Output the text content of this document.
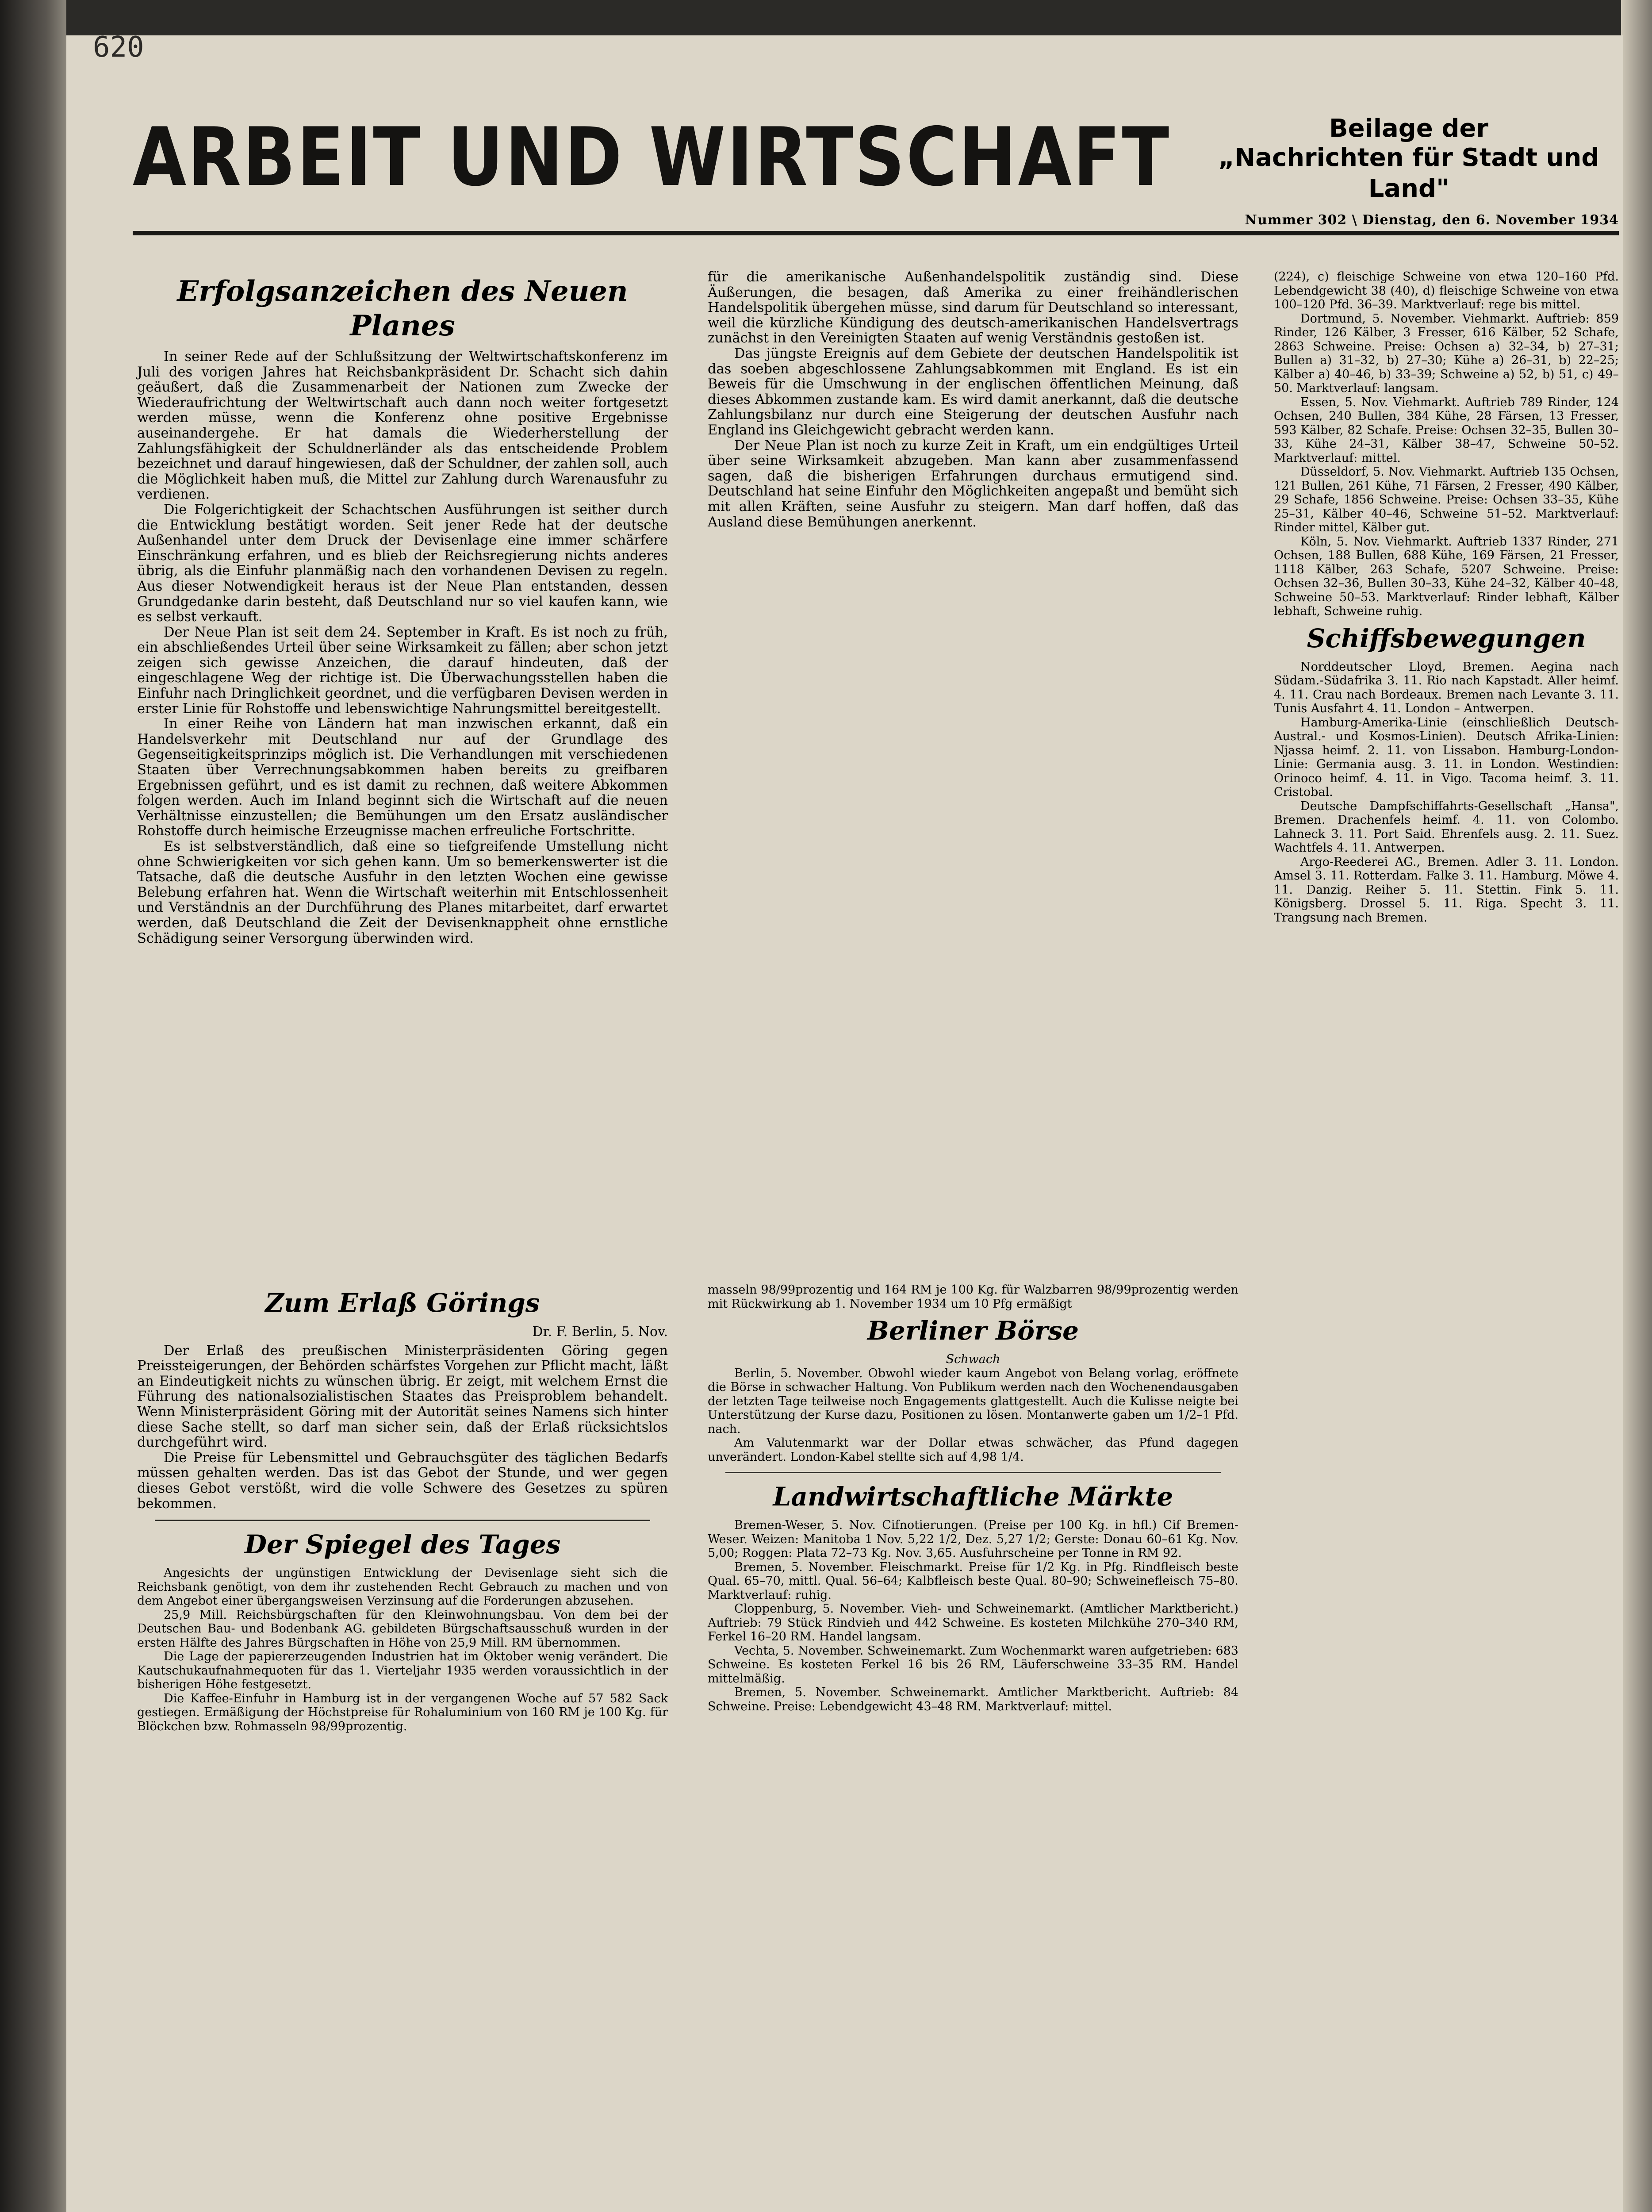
620
ARBEIT UND WIRTSCHAFT	Beilage der
„Nachrichten für Stadt und Land"
Nummer 302 \ Dienstag, den 6. November 1934
Erfolgsanzeichen des Neuen Planes

In seiner Rede auf der Schlußsitzung der Weltwirtschaftskonferenz im Juli des vorigen Jahres hat Reichsbankpräsident Dr. Schacht sich dahin geäußert, daß die Zusammenarbeit der Nationen zum Zwecke der Wiederaufrichtung der Weltwirtschaft auch dann noch weiter fortgesetzt werden müsse, wenn die Konferenz ohne positive Ergebnisse auseinandergehe. Er hat damals die Wiederherstellung der Zahlungsfähigkeit der Schuldnerländer als das entscheidende Problem bezeichnet und darauf hingewiesen, daß der Schuldner, der zahlen soll, auch die Möglichkeit haben muß, die Mittel zur Zahlung durch Warenausfuhr zu verdienen.

Die Folgerichtigkeit der Schachtschen Ausführungen ist seither durch die Entwicklung bestätigt worden. Seit jener Rede hat der deutsche Außenhandel unter dem Druck der Devisenlage eine immer schärfere Einschränkung erfahren, und es blieb der Reichsregierung nichts anderes übrig, als die Einfuhr planmäßig nach den vorhandenen Devisen zu regeln. Aus dieser Notwendigkeit heraus ist der Neue Plan entstanden, dessen Grundgedanke darin besteht, daß Deutschland nur so viel kaufen kann, wie es selbst verkauft.

Der Neue Plan ist seit dem 24. September in Kraft. Es ist noch zu früh, ein abschließendes Urteil über seine Wirksamkeit zu fällen; aber schon jetzt zeigen sich gewisse Anzeichen, die darauf hindeuten, daß der eingeschlagene Weg der richtige ist. Die Überwachungsstellen haben die Einfuhr nach Dringlichkeit geordnet, und die verfügbaren Devisen werden in erster Linie für Rohstoffe und lebenswichtige Nahrungsmittel bereitgestellt.

In einer Reihe von Ländern hat man inzwischen erkannt, daß ein Handelsverkehr mit Deutschland nur auf der Grundlage des Gegenseitigkeitsprinzips möglich ist. Die Verhandlungen mit verschiedenen Staaten über Verrechnungsabkommen haben bereits zu greifbaren Ergebnissen geführt, und es ist damit zu rechnen, daß weitere Abkommen folgen werden. Auch im Inland beginnt sich die Wirtschaft auf die neuen Verhältnisse einzustellen; die Bemühungen um den Ersatz ausländischer Rohstoffe durch heimische Erzeugnisse machen erfreuliche Fortschritte.

Es ist selbstverständlich, daß eine so tiefgreifende Umstellung nicht ohne Schwierigkeiten vor sich gehen kann. Um so bemerkenswerter ist die Tatsache, daß die deutsche Ausfuhr in den letzten Wochen eine gewisse Belebung erfahren hat. Wenn die Wirtschaft weiterhin mit Entschlossenheit und Verständnis an der Durchführung des Planes mitarbeitet, darf erwartet werden, daß Deutschland die Zeit der Devisenknappheit ohne ernstliche Schädigung seiner Versorgung überwinden wird.

für die amerikanische Außenhandelspolitik zuständig sind. Diese Äußerungen, die besagen, daß Amerika zu einer freihändlerischen Handelspolitik übergehen müsse, sind darum für Deutschland so interessant, weil die kürzliche Kündigung des deutsch-amerikanischen Handelsvertrags zunächst in den Vereinigten Staaten auf wenig Verständnis gestoßen ist.

Das jüngste Ereignis auf dem Gebiete der deutschen Handelspolitik ist das soeben abgeschlossene Zahlungsabkommen mit England. Es ist ein Beweis für die Umschwung in der englischen öffentlichen Meinung, daß dieses Abkommen zustande kam. Es wird damit anerkannt, daß die deutsche Zahlungsbilanz nur durch eine Steigerung der deutschen Ausfuhr nach England ins Gleichgewicht gebracht werden kann.

Der Neue Plan ist noch zu kurze Zeit in Kraft, um ein endgültiges Urteil über seine Wirksamkeit abzugeben. Man kann aber zusammenfassend sagen, daß die bisherigen Erfahrungen durchaus ermutigend sind. Deutschland hat seine Einfuhr den Möglichkeiten angepaßt und bemüht sich mit allen Kräften, seine Ausfuhr zu steigern. Man darf hoffen, daß das Ausland diese Bemühungen anerkennt.

(224), c) fleischige Schweine von etwa 120–160 Pfd. Lebendgewicht 38 (40), d) fleischige Schweine von etwa 100–120 Pfd. 36–39. Marktverlauf: rege bis mittel.

Dortmund, 5. November. Viehmarkt. Auftrieb: 859 Rinder, 126 Kälber, 3 Fresser, 616 Kälber, 52 Schafe, 2863 Schweine. Preise: Ochsen a) 32–34, b) 27–31; Bullen a) 31–32, b) 27–30; Kühe a) 26–31, b) 22–25; Kälber a) 40–46, b) 33–39; Schweine a) 52, b) 51, c) 49–50. Marktverlauf: langsam.

Essen, 5. Nov. Viehmarkt. Auftrieb 789 Rinder, 124 Ochsen, 240 Bullen, 384 Kühe, 28 Färsen, 13 Fresser, 593 Kälber, 82 Schafe. Preise: Ochsen 32–35, Bullen 30–33, Kühe 24–31, Kälber 38–47, Schweine 50–52. Marktverlauf: mittel.

Düsseldorf, 5. Nov. Viehmarkt. Auftrieb 135 Ochsen, 121 Bullen, 261 Kühe, 71 Färsen, 2 Fresser, 490 Kälber, 29 Schafe, 1856 Schweine. Preise: Ochsen 33–35, Kühe 25–31, Kälber 40–46, Schweine 51–52. Marktverlauf: Rinder mittel, Kälber gut.

Köln, 5. Nov. Viehmarkt. Auftrieb 1337 Rinder, 271 Ochsen, 188 Bullen, 688 Kühe, 169 Färsen, 21 Fresser, 1118 Kälber, 263 Schafe, 5207 Schweine. Preise: Ochsen 32–36, Bullen 30–33, Kühe 24–32, Kälber 40–48, Schweine 50–53. Marktverlauf: Rinder lebhaft, Kälber lebhaft, Schweine ruhig.

Schiffsbewegungen

Norddeutscher Lloyd, Bremen. Aegina nach Südam.-Südafrika 3. 11. Rio nach Kapstadt. Aller heimf. 4. 11. Crau nach Bordeaux. Bremen nach Levante 3. 11. Tunis Ausfahrt 4. 11. London – Antwerpen.

Hamburg-Amerika-Linie (einschließlich Deutsch-Austral.- und Kosmos-Linien). Deutsch Afrika-Linien: Njassa heimf. 2. 11. von Lissabon. Hamburg-London-Linie: Germania ausg. 3. 11. in London. Westindien: Orinoco heimf. 4. 11. in Vigo. Tacoma heimf. 3. 11. Cristobal.

Deutsche Dampfschiffahrts-Gesellschaft „Hansa", Bremen. Drachenfels heimf. 4. 11. von Colombo. Lahneck 3. 11. Port Said. Ehrenfels ausg. 2. 11. Suez. Wachtfels 4. 11. Antwerpen.

Argo-Reederei AG., Bremen. Adler 3. 11. London. Amsel 3. 11. Rotterdam. Falke 3. 11. Hamburg. Möwe 4. 11. Danzig. Reiher 5. 11. Stettin. Fink 5. 11. Königsberg. Drossel 5. 11. Riga. Specht 3. 11. Trangsung nach Bremen.

Zum Erlaß Görings
Dr. F. Berlin, 5. Nov.

Der Erlaß des preußischen Ministerpräsidenten Göring gegen Preissteigerungen, der Behörden schärfstes Vorgehen zur Pflicht macht, läßt an Eindeutigkeit nichts zu wünschen übrig. Er zeigt, mit welchem Ernst die Führung des nationalsozialistischen Staates das Preisproblem behandelt. Wenn Ministerpräsident Göring mit der Autorität seines Namens sich hinter diese Sache stellt, so darf man sicher sein, daß der Erlaß rücksichtslos durchgeführt wird.

Die Preise für Lebensmittel und Gebrauchsgüter des täglichen Bedarfs müssen gehalten werden. Das ist das Gebot der Stunde, und wer gegen dieses Gebot verstößt, wird die volle Schwere des Gesetzes zu spüren bekommen.

Der Spiegel des Tages

Angesichts der ungünstigen Entwicklung der Devisenlage sieht sich die Reichsbank genötigt, von dem ihr zustehenden Recht Gebrauch zu machen und von dem Angebot einer übergangsweisen Verzinsung auf die Forderungen abzusehen.

25,9 Mill. Reichsbürgschaften für den Kleinwohnungsbau. Von dem bei der Deutschen Bau- und Bodenbank AG. gebildeten Bürgschaftsausschuß wurden in der ersten Hälfte des Jahres Bürgschaften in Höhe von 25,9 Mill. RM übernommen.

Die Lage der papiererzeugenden Industrien hat im Oktober wenig verändert. Die Kautschukaufnahmequoten für das 1. Vierteljahr 1935 werden voraussichtlich in der bisherigen Höhe festgesetzt.

Die Kaffee-Einfuhr in Hamburg ist in der vergangenen Woche auf 57 582 Sack gestiegen. Ermäßigung der Höchstpreise für Rohaluminium von 160 RM je 100 Kg. für Blöckchen bzw. Rohmasseln 98/99prozentig.

masseln 98/99prozentig und 164 RM je 100 Kg. für Walzbarren 98/99prozentig werden mit Rückwirkung ab 1. November 1934 um 10 Pfg ermäßigt

Berliner Börse
Schwach

Berlin, 5. November. Obwohl wieder kaum Angebot von Belang vorlag, eröffnete die Börse in schwacher Haltung. Von Publikum werden nach den Wochenendausgaben der letzten Tage teilweise noch Engagements glattgestellt. Auch die Kulisse neigte bei Unterstützung der Kurse dazu, Positionen zu lösen. Montanwerte gaben um 1/2–1 Pfd. nach.

Am Valutenmarkt war der Dollar etwas schwächer, das Pfund dagegen unverändert. London-Kabel stellte sich auf 4,98 1/4.

Landwirtschaftliche Märkte

Bremen-Weser, 5. Nov. Cifnotierungen. (Preise per 100 Kg. in hfl.) Cif Bremen-Weser. Weizen: Manitoba 1 Nov. 5,22 1/2, Dez. 5,27 1/2; Gerste: Donau 60–61 Kg. Nov. 5,00; Roggen: Plata 72–73 Kg. Nov. 3,65. Ausfuhrscheine per Tonne in RM 92.

Bremen, 5. November. Fleischmarkt. Preise für 1/2 Kg. in Pfg. Rindfleisch beste Qual. 65–70, mittl. Qual. 56–64; Kalbfleisch beste Qual. 80–90; Schweinefleisch 75–80. Marktverlauf: ruhig.

Cloppenburg, 5. November. Vieh- und Schweinemarkt. (Amtlicher Marktbericht.) Auftrieb: 79 Stück Rindvieh und 442 Schweine. Es kosteten Milchkühe 270–340 RM, Ferkel 16–20 RM. Handel langsam.

Vechta, 5. November. Schweinemarkt. Zum Wochenmarkt waren aufgetrieben: 683 Schweine. Es kosteten Ferkel 16 bis 26 RM, Läuferschweine 33–35 RM. Handel mittelmäßig.

Bremen, 5. November. Schweinemarkt. Amtlicher Marktbericht. Auftrieb: 84 Schweine. Preise: Lebendgewicht 43–48 RM. Marktverlauf: mittel.
